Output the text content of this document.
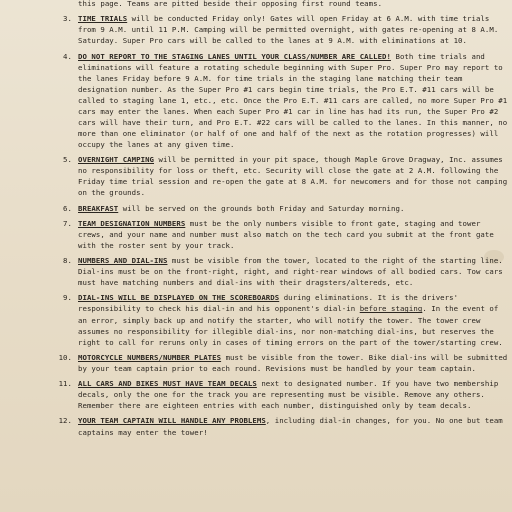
this page. Teams are pitted beside their opposing first round teams.
3. TIME TRIALS will be conducted Friday only! Gates will open Friday at 6 A.M. with time trials from 9 A.M. until 11 P.M. Camping will be permitted overnight, with gates re-opening at 8 A.M. Saturday. Super Pro cars will be called to the lanes at 9 A.M. with eliminations at 10.
4. DO NOT REPORT TO THE STAGING LANES UNTIL YOUR CLASS/NUMBER ARE CALLED! Both time trials and eliminations will feature a rotating schedule beginning with Super Pro. Super Pro may report to the lanes Friday before 9 A.M. for time trials in the staging lane matching their team designation number. As the Super Pro #1 cars begin time trials, the Pro E.T. #11 cars will be called to staging lane 1, etc., etc. Once the Pro E.T. #11 cars are called, no more Super Pro #1 cars may enter the lanes. When each Super Pro #1 car in line has had its run, the Super Pro #2 cars will have their turn, and Pro E.T. #22 cars will be called to the lanes. In this manner, no more than one eliminator (or half of one and half of the next as the rotation progresses) will occupy the lanes at any given time.
5. OVERNIGHT CAMPING will be permitted in your pit space, though Maple Grove Dragway, Inc. assumes no responsibility for loss or theft, etc. Security will close the gate at 2 A.M. following the Friday time trial session and re-open the gate at 8 A.M. for newcomers and for those not camping on the grounds.
6. BREAKFAST will be served on the grounds both Friday and Saturday morning.
7. TEAM DESIGNATION NUMBERS must be the only numbers visible to front gate, staging and tower crews, and your name and number must also match on the tech card you submit at the front gate with the roster sent by your track.
8. NUMBERS AND DIAL-INS must be visible from the tower, located to the right of the starting line. Dial-ins must be on the front-right, right, and right-rear windows of all bodied cars. Tow cars must have matching numbers and dial-ins with their dragsters/altereds, etc.
9. DIAL-INS WILL BE DISPLAYED ON THE SCOREBOARDS during eliminations. It is the drivers' responsibility to check his dial-in and his opponent's dial-in before staging. In the event of an error, simply back up and notify the starter, who will notify the tower. The tower crew assumes no responsibility for illegible dial-ins, nor non-matching dial-ins, but reserves the right to call for reruns only in cases of timing errors on the part of the tower/starting crew.
10. MOTORCYCLE NUMBERS/NUMBER PLATES must be visible from the tower. Bike dial-ins will be submitted by your team captain prior to each round. Revisions must be handled by your team captain.
11. ALL CARS AND BIKES MUST HAVE TEAM DECALS next to designated number. If you have two membership decals, only the one for the track you are representing must be visible. Remove any others. Remember there are eighteen entries with each number, distinguished only by team decals.
12. YOUR TEAM CAPTAIN WILL HANDLE ANY PROBLEMS, including dial-in changes, for you. No one but team captains may enter the tower!
